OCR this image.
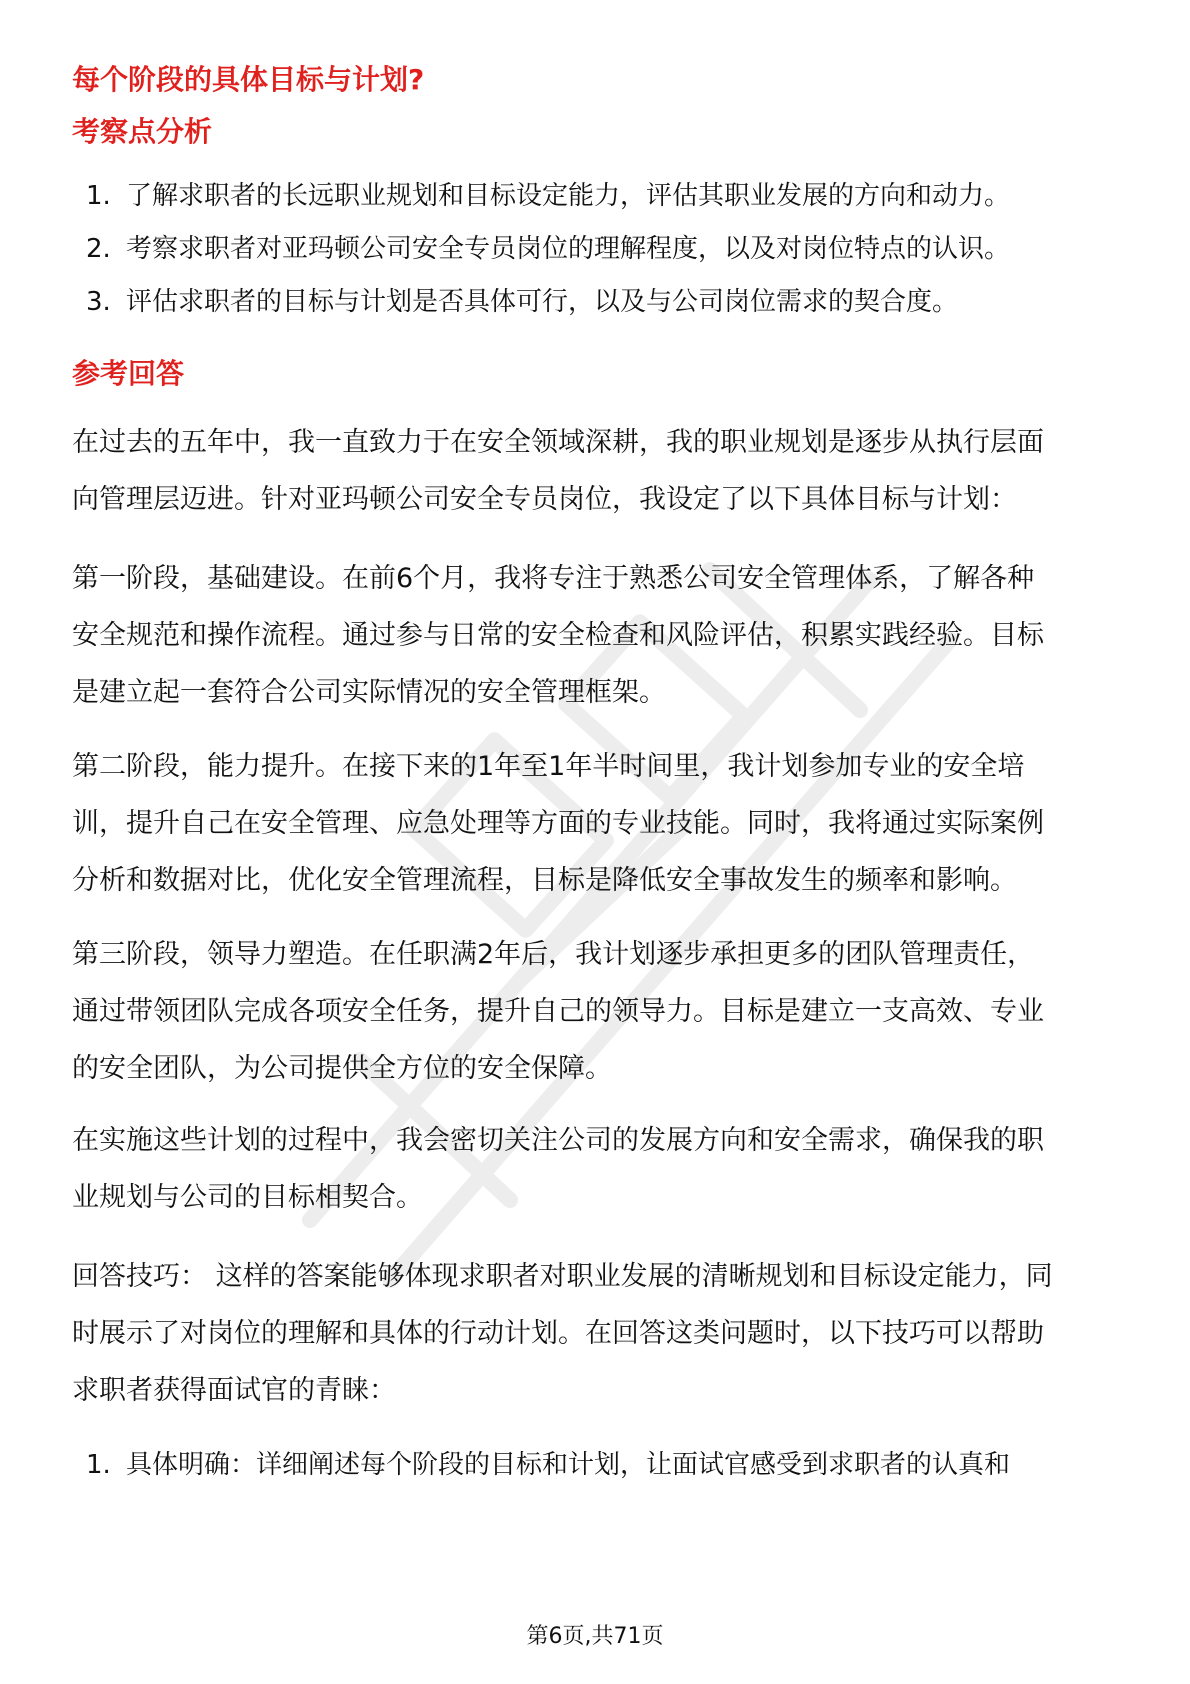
每个阶段的具体目标与计划?
考察点分析
1. 了解求职者的长远职业规划和目标设定能力，评估其职业发展的方向和动力。
2. 考察求职者对亚玛顿公司安全专员岗位的理解程度，以及对岗位特点的认识。
3. 评估求职者的目标与计划是否具体可行，以及与公司岗位需求的契合度。
参考回答

在过去的五年中，我一直致力于在安全领域深耕，我的职业规划是逐步从执行层面
向管理层迈进。针对亚玛顿公司安全专员岗位，我设定了以下具体目标与计划：

第一阶段，基础建设。在前6个月，我将专注于熟悉公司安全管理体系，了解各种
安全规范和操作流程。通过参与日常的安全检查和风险评估，积累实践经验。目标
是建立起一套符合公司实际情况的安全管理框架。

第二阶段，能力提升。在接下来的1年至1年半时间里，我计划参加专业的安全培
训，提升自己在安全管理、应急处理等方面的专业技能。同时，我将通过实际案例
分析和数据对比，优化安全管理流程，目标是降低安全事故发生的频率和影响。

第三阶段，领导力塑造。在任职满2年后，我计划逐步承担更多的团队管理责任，
通过带领团队完成各项安全任务，提升自己的领导力。目标是建立一支高效、专业
的安全团队，为公司提供全方位的安全保障。

在实施这些计划的过程中，我会密切关注公司的发展方向和安全需求，确保我的职
业规划与公司的目标相契合。

回答技巧： 这样的答案能够体现求职者对职业发展的清晰规划和目标设定能力，同
时展示了对岗位的理解和具体的行动计划。在回答这类问题时，以下技巧可以帮助
求职者获得面试官的青睐：

1. 具体明确：详细阐述每个阶段的目标和计划，让面试官感受到求职者的认真和
第6页,共71页
